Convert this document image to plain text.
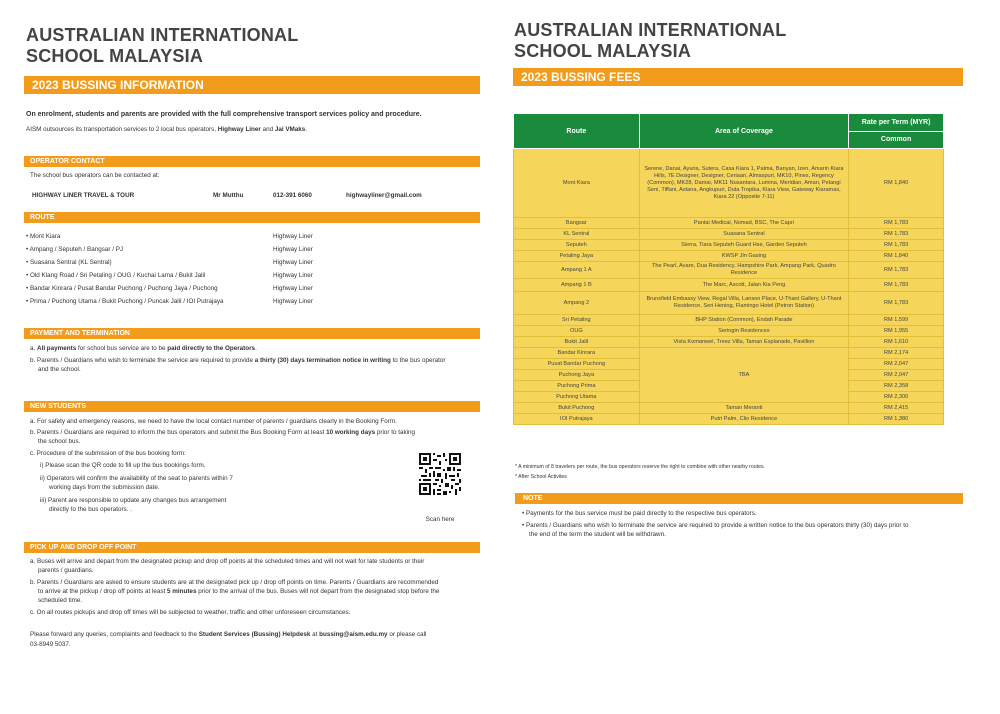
AUSTRALIAN INTERNATIONAL
SCHOOL MALAYSIA
2023 BUSSING INFORMATION
On enrolment, students and parents are provided with the full comprehensive transport services policy and procedure.
AISM outsources its transportation services to 2 local bus operators, Highway Liner and Jai VMaks.
OPERATOR CONTACT
The school bus operators can be contacted at:
HIGHWAY LINER TRAVEL & TOUR	Mr Mutthu	012-391 6060	highwayliner@gmail.com
ROUTE
• Mont Kiara	Highway Liner
• Ampang / Seputeh / Bangsar / PJ	Highway Liner
• Suasana Sentral (KL Sentral)	Highway Liner
• Old Klang Road / Sri Petaling / OUG / Kuchai Lama / Bukit Jalil	Highway Liner
• Bandar Kinrara / Pusat Bandar Puchong / Puchong Jaya / Puchong	Highway Liner
• Prima / Puchong Utama / Bukit Puchong / Puncak Jalil / IOI Putrajaya	Highway Liner
PAYMENT AND TERMINATION
a. All payments for school bus service are to be paid directly to the Operators.
b. Parents / Guardians who wish to terminate the service are required to provide a thirty (30) days termination notice in writing to the bus operator
and the school.
NEW STUDENTS
a. For safety and emergency reasons, we need to have the local contact number of parents / guardians clearly in the Booking Form.
b. Parents / Guardians are required to inform the bus operators and submit the Bus Booking Form at least 10 working days prior to taking
the school bus.
c. Procedure of the submission of the bus booking form:
i) Please scan the QR code to fill up the bus bookings form.
ii) Operators will confirm the availability of the seat to parents within 7
working days from the submission date.
iii) Parent are responsible to update any changes bus arrangement
directly to the bus operators. .
Scan here
PICK UP AND DROP OFF POINT
a. Buses will arrive and depart from the designated pickup and drop off points at the scheduled times and will not wait for late students or their
parents / guardians.
b. Parents / Guardians are asked to ensure students are at the designated pick up / drop off points on time. Parents / Guardians are recommended
to arrive at the pickup / drop off points at least 5 minutes prior to the arrival of the bus. Buses will not depart from the designated stop before the
scheduled time.
c. On all routes pickups and drop off times will be subjected to weather, traffic and other unforeseen circumstances.
Please forward any queries, complaints and feedback to the Student Services (Bussing) Helpdesk at bussing@aism.edu.my or please call
03-8949 5037.
AUSTRALIAN INTERNATIONAL
SCHOOL MALAYSIA
2023 BUSSING FEES
Route	Area of Coverage	Rate per Term (MYR)
		Common
Mont Kiara	Serene, Danai, Ayuria, Sutera, Casa Kiara 1, Palma, Banyan, Izen, Amarin Kiara Hills, 7E Designer, Designer, Ceriaan, Almaspuri, MK10, Pines, Regency (Common), MK28, Damai, MK11 Nusantara, Lumina, Meridian, Aman, Pelangi Seni, Tiffani, Astana, Angkupuri, Duta Tropika, Kiara View, Gateway Kiaramas, Kiara 22 (Opposite 7-11)	RM 1,840
Bangsar	Pantai Medical, Nomad, BSC, The Capri	RM 1,783
KL Sentral	Suasana Sentral	RM 1,783
Seputeh	Sierra, Tiara Seputeh Guard Hse, Garden Seputeh	RM 1,783
Petaling Jaya	KWSP Jln Gasing	RM 1,840
Ampang 1 A	The Pearl, Avare, Dua Residency, Hampshire Park, Ampang Park, Quadro Residence	RM 1,783
Ampang 1 B	The Marc, Ascott, Jalan Kia Peng	RM 1,783
Ampang 2	Brunsfield Embassy View, Regal Villa, Lanson Place, U-Thant Gallery, U-Thant Residence, Seri Hening, Flamingo Hotel (Petron Station)	RM 1,783
Sri Petaling	BHP Station (Common), Endah Parade	RM 1,599
OUG	Seringin Residences	RM 1,955
Bukit Jalil	Vista Komanwel, Treez Villa, Taman Esplanade, Pavillion	RM 1,610
Bandar Kinrara	TBA	RM 2,174
Pusat Bandar Puchong		RM 2,047
Puchong Jaya		RM 2,047
Puchong Prima		RM 2,358
Puchong Utama		RM 2,300
Bukit Puchong	Taman Meranti	RM 2,415
IOI Putrajaya	Putri Palm, Clio Residence	RM 1,380
* A minimum of 8 travelers per route, the bus operators reserve the right to combine with other nearby routes.
* After School Activites
NOTE
• Payments for the bus service must be paid directly to the respective bus operators.
• Parents / Guardians who wish to terminate the service are required to provide a written notice to the bus operators thirty (30) days prior to
the end of the term the student will be withdrawn.
